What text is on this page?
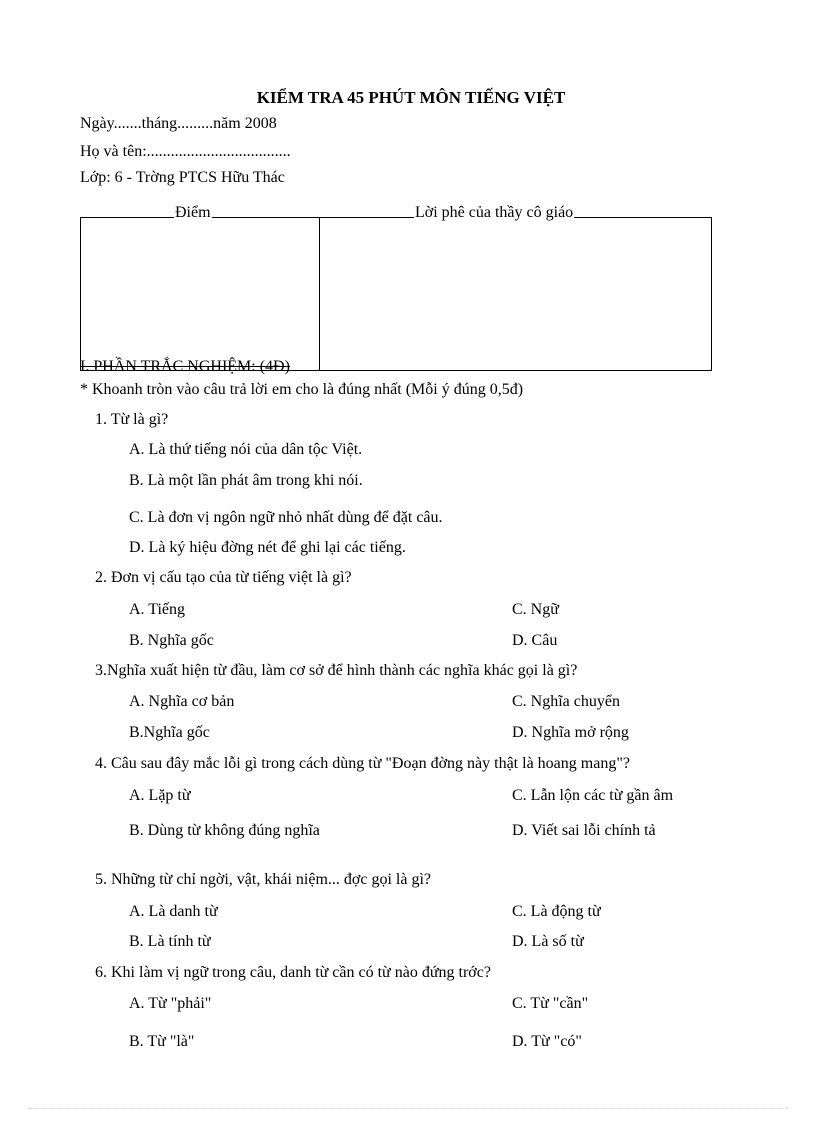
KIỂM TRA 45 PHÚT MÔN TIẾNG VIỆT
Ngày.......tháng.........năm 2008
Họ và tên:....................................
Lớp: 6 - Trờng PTCS Hữu Thác
Điểm	Lời phê của thầy cô giáo
I. PHẦN TRẮC NGHIỆM: (4Đ)
* Khoanh tròn vào câu trả lời em cho là đúng nhất (Mỗi ý đúng 0,5đ)
1. Từ là gì?
A. Là thứ tiếng nói của dân tộc Việt.
B. Là một lần phát âm trong khi nói.
C. Là đơn vị ngôn ngữ nhỏ nhất dùng để đặt câu.
D. Là ký hiệu đờng nét để ghi lại các tiếng.
2. Đơn vị cấu tạo của từ tiếng việt là gì?
A. Tiếng	C. Ngữ
B. Nghĩa gốc	D. Câu
3.Nghĩa xuất hiện từ đầu, làm cơ sở để hình thành các nghĩa khác gọi là gì?
A. Nghĩa cơ bản	C. Nghĩa chuyển
B.Nghĩa gốc	D. Nghĩa mở rộng
4. Câu sau đây mắc lỗi gì trong cách dùng từ "Đoạn đờng này thật là hoang mang"?
A. Lặp từ	C. Lẫn lộn các từ gần âm
B. Dùng từ không đúng nghĩa	D. Viết sai lỗi chính tả
5. Những từ chỉ ngời, vật, khái niệm... đợc gọi là gì?
A. Là danh từ	C. Là động từ
B. Là tính từ	D. Là số từ
6. Khi làm vị ngữ trong câu, danh từ cần có từ nào đứng trớc?
A. Từ "phải"	C. Từ "cần"
B. Từ "là"	D. Từ "có"
